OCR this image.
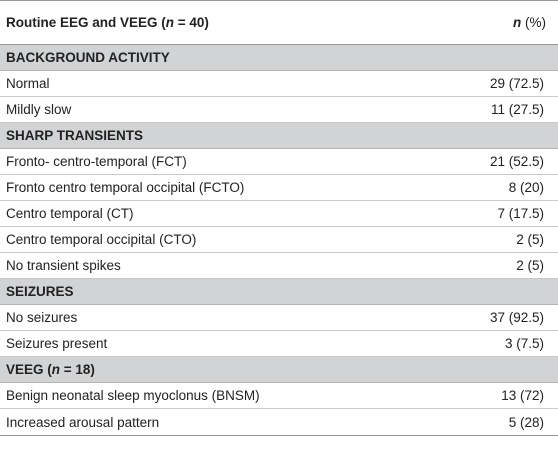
Routine EEG and VEEG (n = 40)	n (%)
BACKGROUND ACTIVITY
Normal	29 (72.5)
Mildly slow	11 (27.5)
SHARP TRANSIENTS
Fronto- centro-temporal (FCT)	21 (52.5)
Fronto centro temporal occipital (FCTO)	8 (20)
Centro temporal (CT)	7 (17.5)
Centro temporal occipital (CTO)	2 (5)
No transient spikes	2 (5)
SEIZURES
No seizures	37 (92.5)
Seizures present	3 (7.5)
VEEG (n = 18)
Benign neonatal sleep myoclonus (BNSM)	13 (72)
Increased arousal pattern	5 (28)
